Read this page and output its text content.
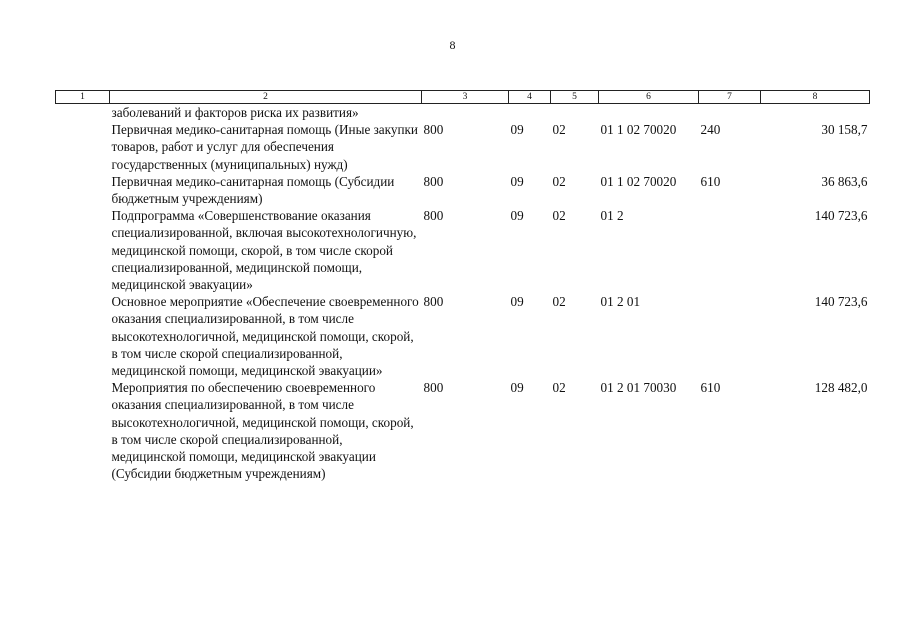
8
1	2	3	4	5	6	7	8
	заболеваний и факторов риска их развития»						
	Первичная медико-санитарная помощь (Иные закупки товаров, работ и услуг для обеспечения государственных (муниципальных) нужд)	800	09	02	01 1 02 70020	240	30 158,7
	Первичная медико-санитарная помощь (Субсидии бюджетным учреждениям)	800	09	02	01 1 02 70020	610	36 863,6
	Подпрограмма «Совершенствование оказания специализированной, включая высокотехнологичную, медицинской помощи, скорой, в том числе скорой специализированной, медицинской помощи, медицинской эвакуации»	800	09	02	01 2		140 723,6
	Основное мероприятие «Обеспечение своевременного оказания специализированной, в том числе высокотехнологичной, медицинской помощи, скорой, в том числе скорой специализированной, медицинской помощи, медицинской эвакуации»	800	09	02	01 2 01		140 723,6
	Мероприятия по обеспечению своевременного оказания специализированной, в том числе высокотехнологичной, медицинской помощи, скорой, в том числе скорой специализированной, медицинской помощи, медицинской эвакуации (Субсидии бюджетным учреждениям)	800	09	02	01 2 01 70030	610	128 482,0
